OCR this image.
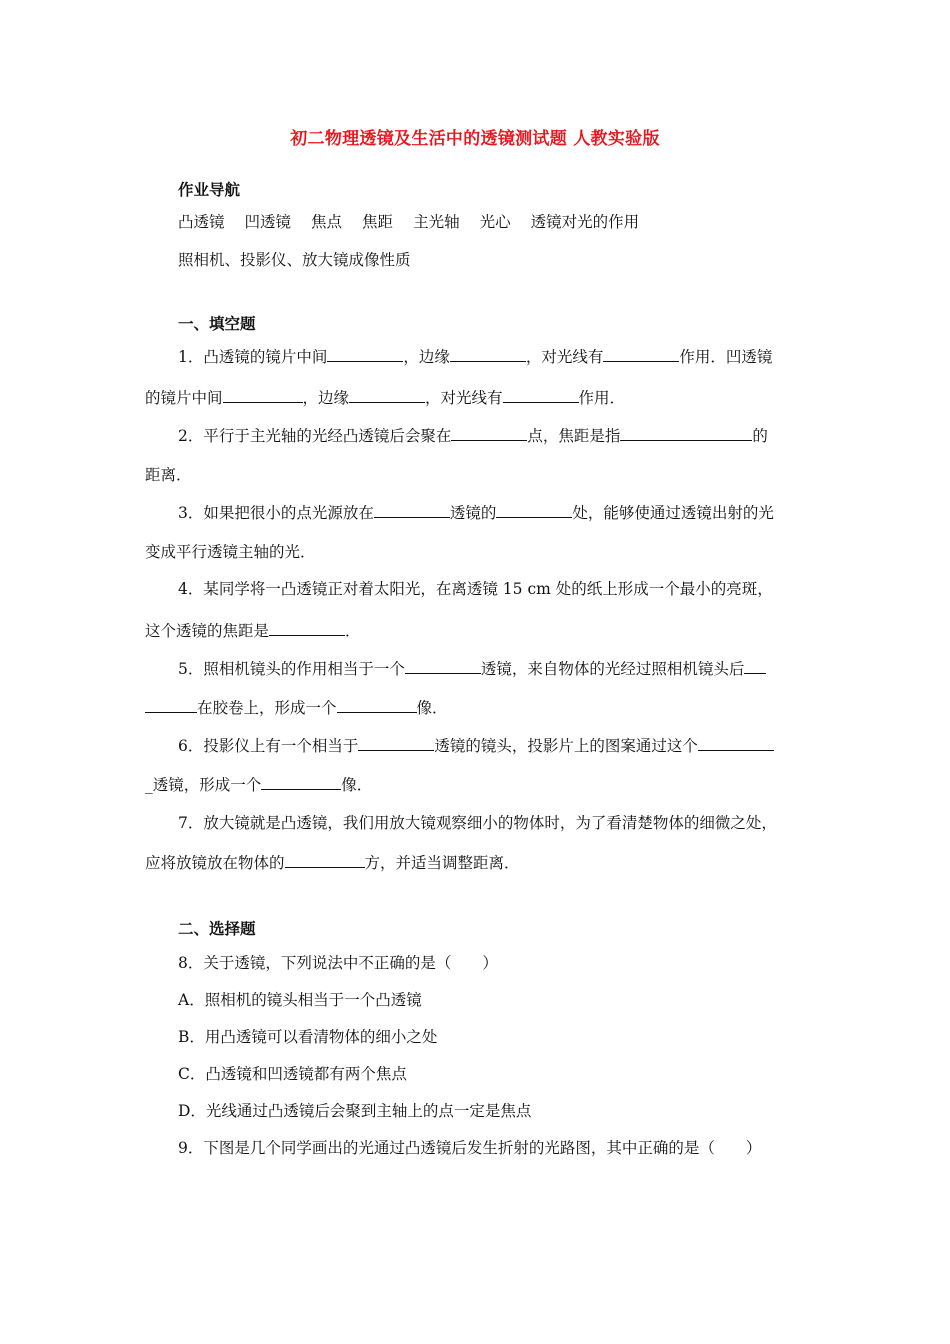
初二物理透镜及生活中的透镜测试题 人教实验版
作业导航
凸透镜 凹透镜 焦点 焦距 主光轴 光心 透镜对光的作用
照相机、投影仪、放大镜成像性质
一、填空题
1．凸透镜的镜片中间	，边缘	，对光线有	作用．凹透镜
的镜片中间	，边缘	，对光线有	作用．
2．平行于主光轴的光经凸透镜后会聚在	点，焦距是指	的
距离．
3．如果把很小的点光源放在	透镜的	处，能够使通过透镜出射的光
变成平行透镜主轴的光．
4．某同学将一凸透镜正对着太阳光，在离透镜 15 cm 处的纸上形成一个最小的亮斑，
这个透镜的焦距是	．
5．照相机镜头的作用相当于一个	透镜，来自物体的光经过照相机镜头后
在胶卷上，形成一个	像．
6．投影仪上有一个相当于	透镜的镜头，投影片上的图案通过这个
_透镜，形成一个	像．
7．放大镜就是凸透镜，我们用放大镜观察细小的物体时，为了看清楚物体的细微之处，
应将放镜放在物体的	方，并适当调整距离．
二、选择题
8．关于透镜，下列说法中不正确的是（　　）
A．照相机的镜头相当于一个凸透镜
B．用凸透镜可以看清物体的细小之处
C．凸透镜和凹透镜都有两个焦点
D．光线通过凸透镜后会聚到主轴上的点一定是焦点
9．下图是几个同学画出的光通过凸透镜后发生折射的光路图，其中正确的是（　　）
